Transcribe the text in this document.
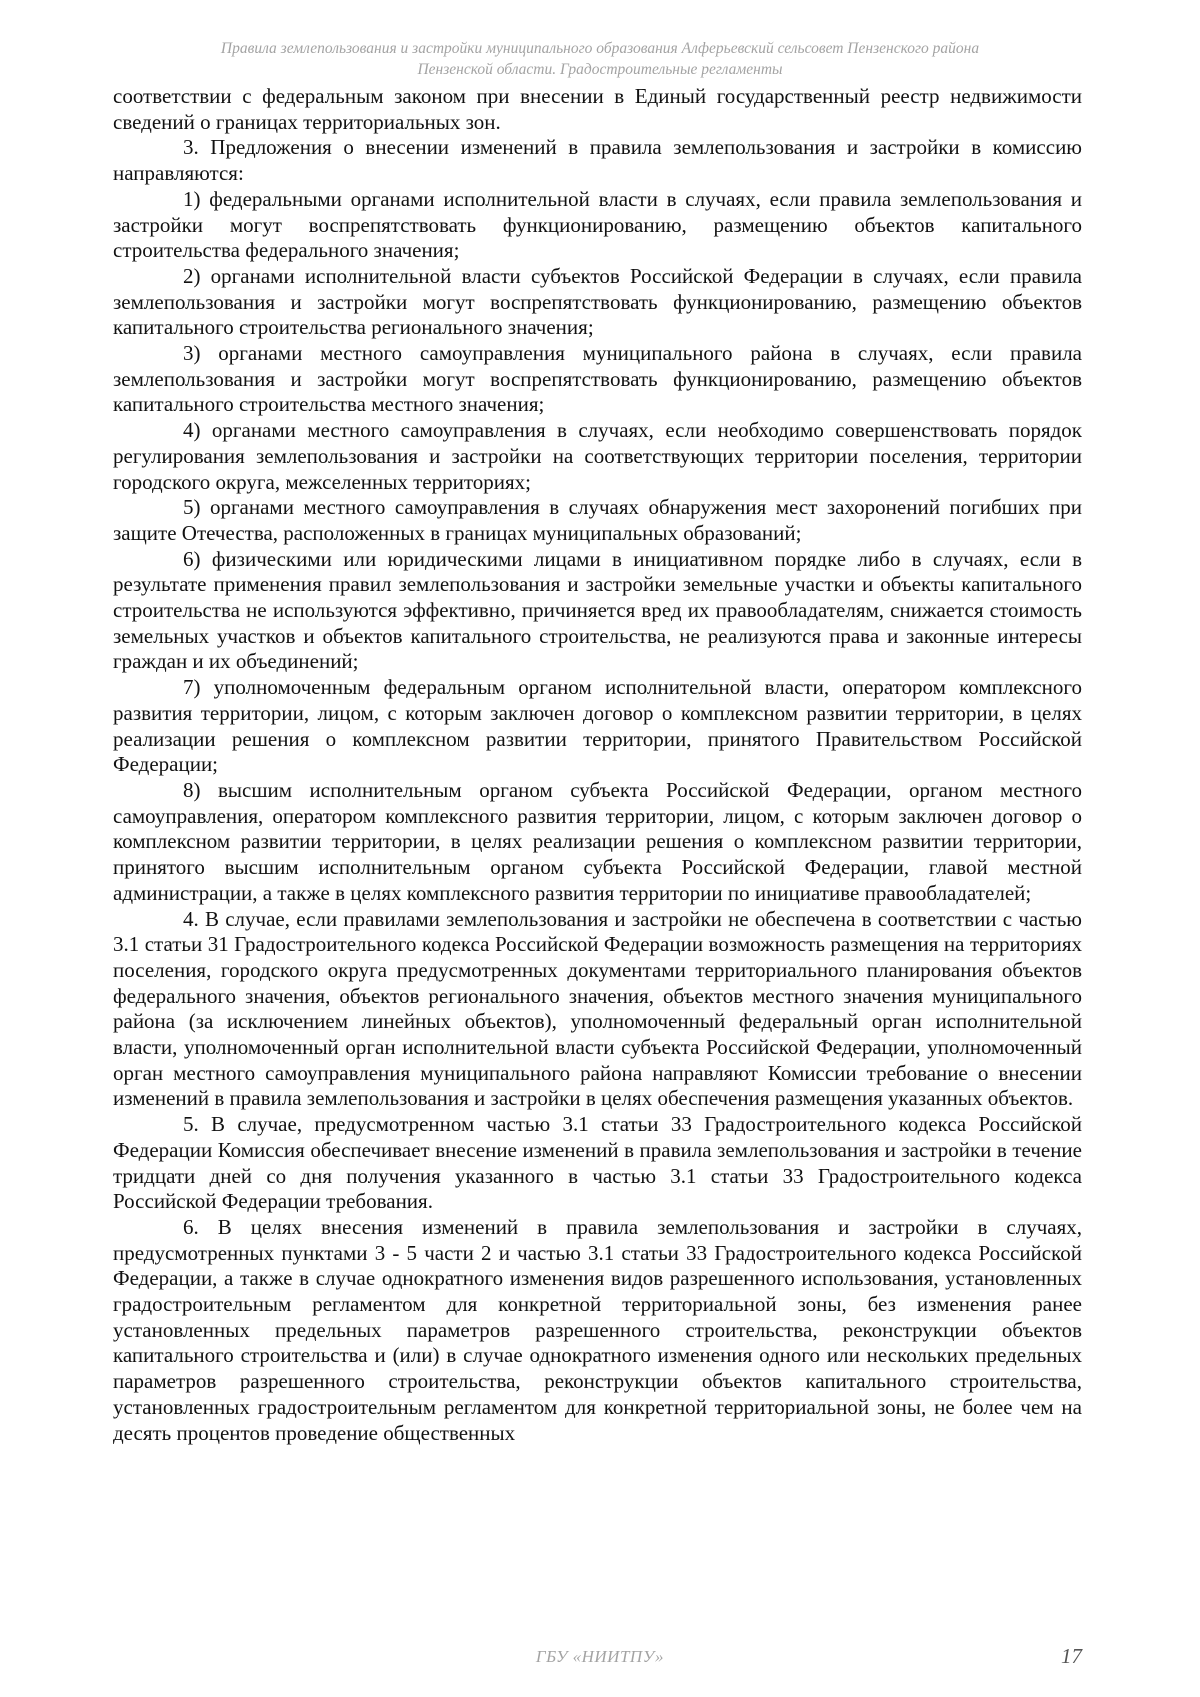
Правила землепользования и застройки муниципального образования Алферьевский сельсовет Пензенского района
Пензенской области. Градостроительные регламенты

соответствии с федеральным законом при внесении в Единый государственный реестр недвижимости сведений о границах территориальных зон.

3. Предложения о внесении изменений в правила землепользования и застройки в комиссию направляются:

1) федеральными органами исполнительной власти в случаях, если правила землепользования и застройки могут воспрепятствовать функционированию, размещению объектов капитального строительства федерального значения;

2) органами исполнительной власти субъектов Российской Федерации в случаях, если правила землепользования и застройки могут воспрепятствовать функционированию, размещению объектов капитального строительства регионального значения;

3) органами местного самоуправления муниципального района в случаях, если правила землепользования и застройки могут воспрепятствовать функционированию, размещению объектов капитального строительства местного значения;

4) органами местного самоуправления в случаях, если необходимо совершенствовать порядок регулирования землепользования и застройки на соответствующих территории поселения, территории городского округа, межселенных территориях;

5) органами местного самоуправления в случаях обнаружения мест захоронений погибших при защите Отечества, расположенных в границах муниципальных образований;

6) физическими или юридическими лицами в инициативном порядке либо в случаях, если в результате применения правил землепользования и застройки земельные участки и объекты капитального строительства не используются эффективно, причиняется вред их правообладателям, снижается стоимость земельных участков и объектов капитального строительства, не реализуются права и законные интересы граждан и их объединений;

7) уполномоченным федеральным органом исполнительной власти, оператором комплексного развития территории, лицом, с которым заключен договор о комплексном развитии территории, в целях реализации решения о комплексном развитии территории, принятого Правительством Российской Федерации;

8) высшим исполнительным органом субъекта Российской Федерации, органом местного самоуправления, оператором комплексного развития территории, лицом, с которым заключен договор о комплексном развитии территории, в целях реализации решения о комплексном развитии территории, принятого высшим исполнительным органом субъекта Российской Федерации, главой местной администрации, а также в целях комплексного развития территории по инициативе правообладателей;

4. В случае, если правилами землепользования и застройки не обеспечена в соответствии с частью 3.1 статьи 31 Градостроительного кодекса Российской Федерации возможность размещения на территориях поселения, городского округа предусмотренных документами территориального планирования объектов федерального значения, объектов регионального значения, объектов местного значения муниципального района (за исключением линейных объектов), уполномоченный федеральный орган исполнительной власти, уполномоченный орган исполнительной власти субъекта Российской Федерации, уполномоченный орган местного самоуправления муниципального района направляют Комиссии требование о внесении изменений в правила землепользования и застройки в целях обеспечения размещения указанных объектов.

5. В случае, предусмотренном частью 3.1 статьи 33 Градостроительного кодекса Российской Федерации Комиссия обеспечивает внесение изменений в правила землепользования и застройки в течение тридцати дней со дня получения указанного в частью 3.1 статьи 33 Градостроительного кодекса Российской Федерации требования.

6. В целях внесения изменений в правила землепользования и застройки в случаях, предусмотренных пунктами 3 - 5 части 2 и частью 3.1 статьи 33 Градостроительного кодекса Российской Федерации, а также в случае однократного изменения видов разрешенного использования, установленных градостроительным регламентом для конкретной территориальной зоны, без изменения ранее установленных предельных параметров разрешенного строительства, реконструкции объектов капитального строительства и (или) в случае однократного изменения одного или нескольких предельных параметров разрешенного строительства, реконструкции объектов капитального строительства, установленных градостроительным регламентом для конкретной территориальной зоны, не более чем на десять процентов проведение общественных

ГБУ «НИИТПУ»	17
